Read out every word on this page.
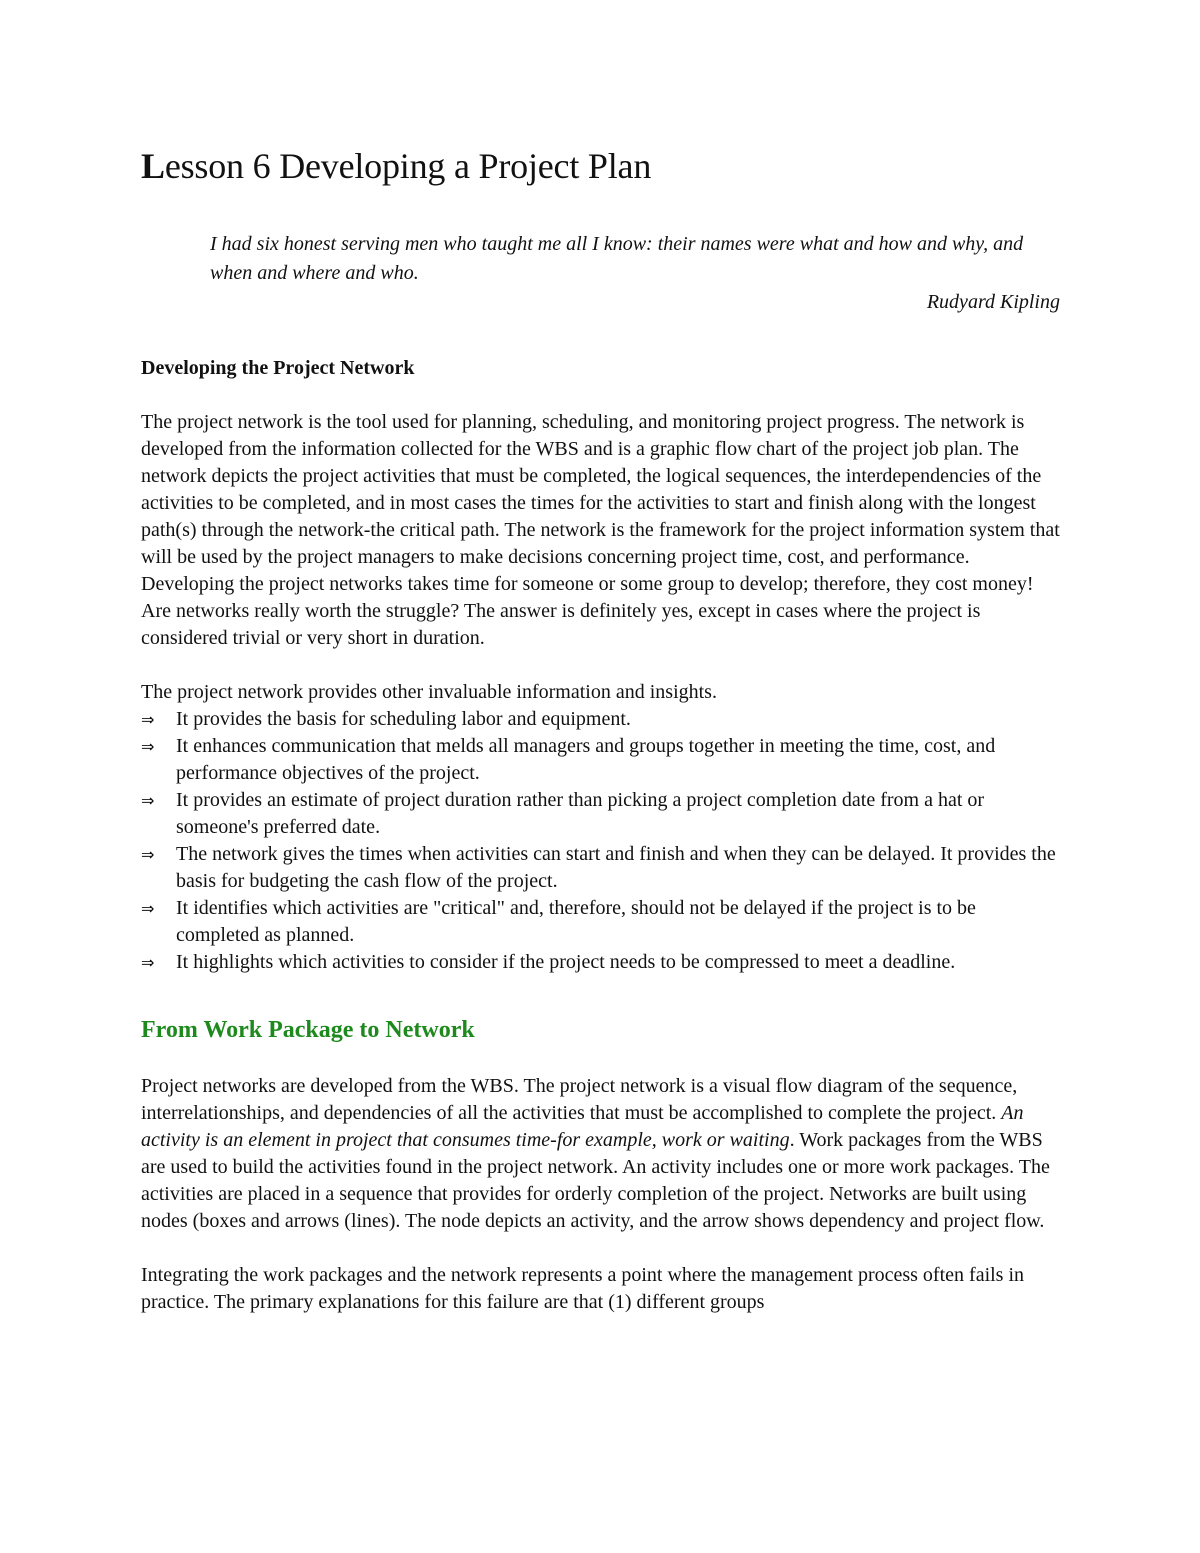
Lesson 6 Developing a Project Plan
I had six honest serving men who taught me all I know: their names were what and how and why, and when and where and who.
Rudyard Kipling
Developing the Project Network

The project network is the tool used for planning, scheduling, and monitoring project progress. The network is developed from the information collected for the WBS and is a graphic flow chart of the project job plan. The network depicts the project activities that must be completed, the logical sequences, the interdependencies of the activities to be completed, and in most cases the times for the activities to start and finish along with the longest path(s) through the network-the critical path. The network is the framework for the project information system that will be used by the project managers to make decisions concerning project time, cost, and performance. Developing the project networks takes time for someone or some group to develop; therefore, they cost money! Are networks really worth the struggle? The answer is definitely yes, except in cases where the project is considered trivial or very short in duration.

The project network provides other invaluable information and insights.

⇒ It provides the basis for scheduling labor and equipment.
⇒ It enhances communication that melds all managers and groups together in meeting the time, cost, and performance objectives of the project.
⇒ It provides an estimate of project duration rather than picking a project completion date from a hat or someone's preferred date.
⇒ The network gives the times when activities can start and finish and when they can be delayed. It provides the basis for budgeting the cash flow of the project.
⇒ It identifies which activities are "critical" and, therefore, should not be delayed if the project is to be completed as planned.
⇒ It highlights which activities to consider if the project needs to be compressed to meet a deadline.
From Work Package to Network

Project networks are developed from the WBS. The project network is a visual flow diagram of the sequence, interrelationships, and dependencies of all the activities that must be accomplished to complete the project. An activity is an element in project that consumes time-for example, work or waiting. Work packages from the WBS are used to build the activities found in the project network. An activity includes one or more work packages. The activities are placed in a sequence that provides for orderly completion of the project. Networks are built using nodes (boxes and arrows (lines). The node depicts an activity, and the arrow shows dependency and project flow.

Integrating the work packages and the network represents a point where the management process often fails in practice. The primary explanations for this failure are that (1) different groups
